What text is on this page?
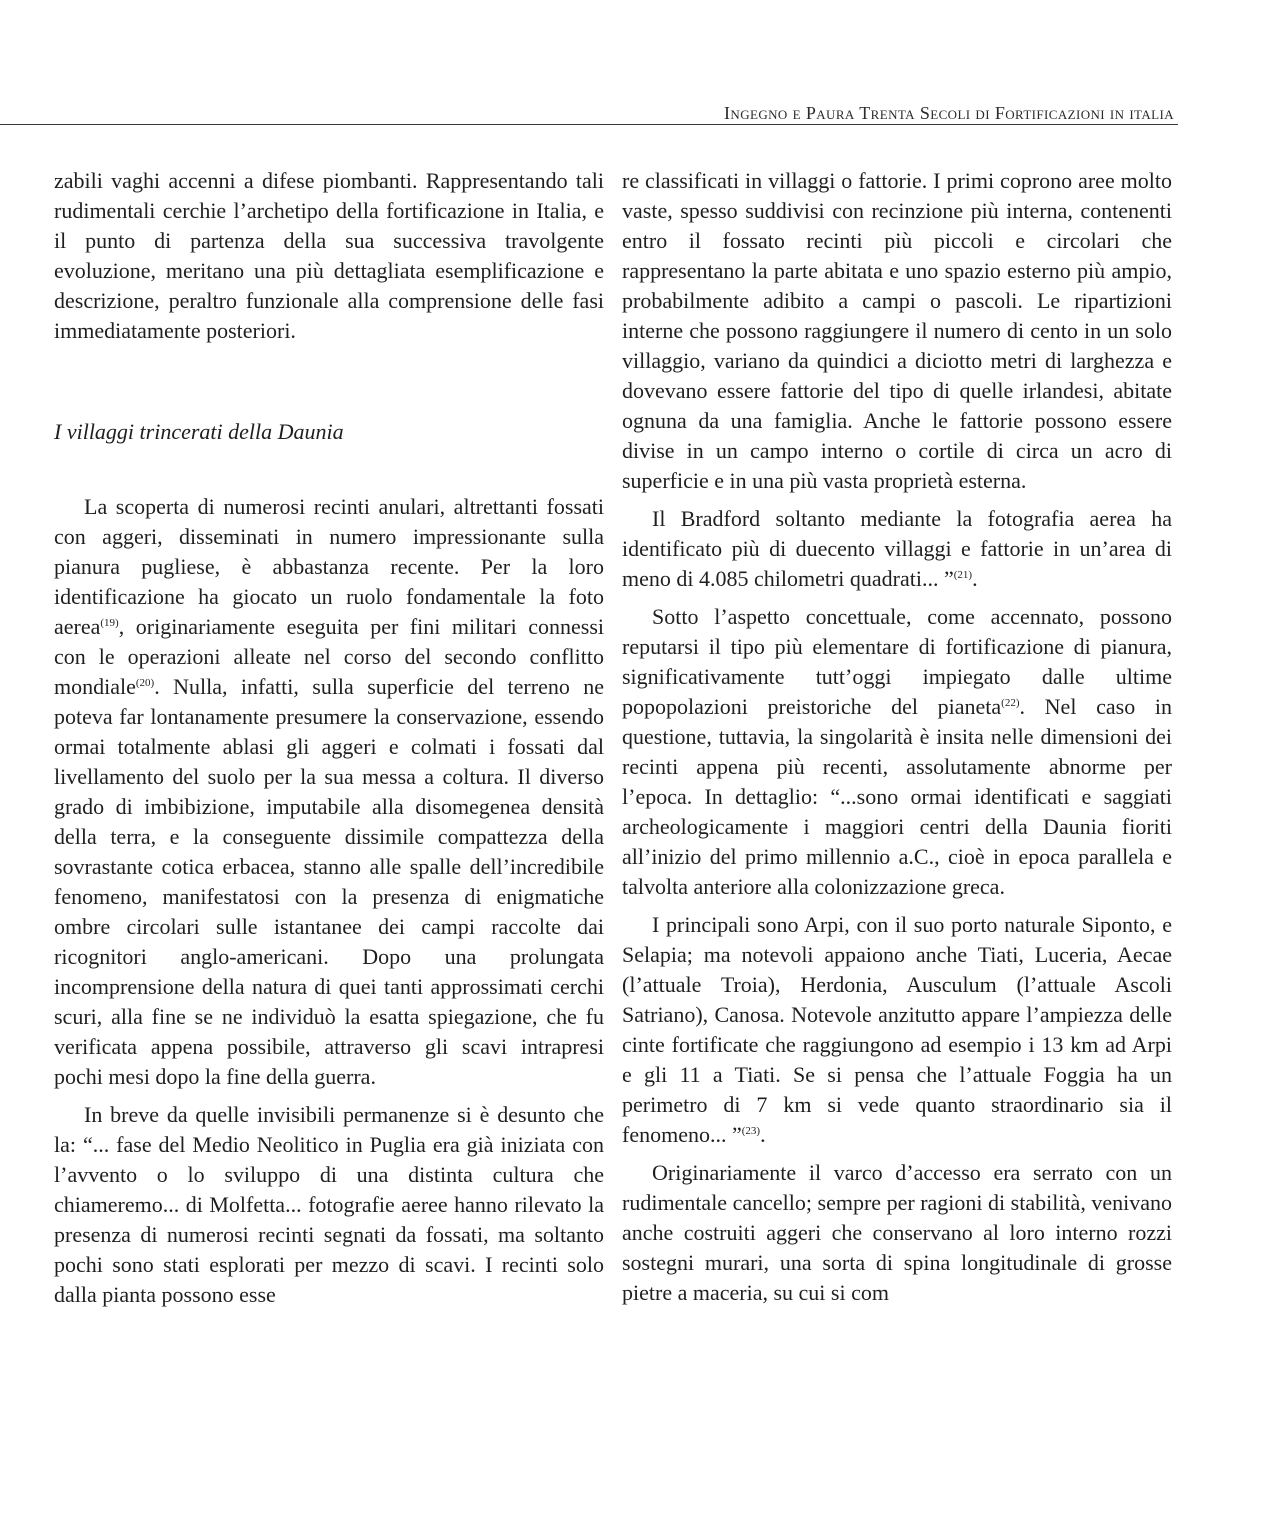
Ingegno e Paura Trenta Secoli di Fortificazioni in italia

zabili vaghi accenni a difese piombanti. Rappresentando tali rudimentali cerchie l’archetipo della fortificazione in Italia, e il punto di partenza della sua successiva travolgente evoluzione, meritano una più dettagliata esemplificazione e descrizione, peraltro funzionale alla comprensione delle fasi immediatamente posteriori.

I villaggi trincerati della Daunia

La scoperta di numerosi recinti anulari, altrettanti fossati con aggeri, disseminati in numero impressionante sulla pianura pugliese, è abbastanza recente. Per la loro identificazione ha giocato un ruolo fondamentale la foto aerea$^{(19)}$, originariamente eseguita per fini militari connessi con le operazioni alleate nel corso del secondo conflitto mondiale$^{(20)}$. Nulla, infatti, sulla superficie del terreno ne poteva far lontanamente presumere la conservazione, essendo ormai totalmente ablasi gli aggeri e colmati i fossati dal livellamento del suolo per la sua messa a coltura. Il diverso grado di imbibizione, imputabile alla disomegenea densità della terra, e la conseguente dissimile compattezza della sovrastante cotica erbacea, stanno alle spalle dell’incredibile fenomeno, manifestatosi con la presenza di enigmatiche ombre circolari sulle istantanee dei campi raccolte dai ricognitori anglo-americani. Dopo una prolungata incomprensione della natura di quei tanti approssimati cerchi scuri, alla fine se ne individuò la esatta spiegazione, che fu verificata appena possibile, attraverso gli scavi intrapresi pochi mesi dopo la fine della guerra.

In breve da quelle invisibili permanenze si è desunto che la: “... fase del Medio Neolitico in Puglia era già iniziata con l’avvento o lo sviluppo di una distinta cultura che chiameremo... di Molfetta... fotografie aeree hanno rilevato la presenza di numerosi recinti segnati da fossati, ma soltanto pochi sono stati esplorati per mezzo di scavi. I recinti solo dalla pianta possono esse

re classificati in villaggi o fattorie. I primi coprono aree molto vaste, spesso suddivisi con recinzione più interna, contenenti entro il fossato recinti più piccoli e circolari che rappresentano la parte abitata e uno spazio esterno più ampio, probabilmente adibito a campi o pascoli. Le ripartizioni interne che possono raggiungere il numero di cento in un solo villaggio, variano da quindici a diciotto metri di larghezza e dovevano essere fattorie del tipo di quelle irlandesi, abitate ognuna da una famiglia. Anche le fattorie possono essere divise in un campo interno o cortile di circa un acro di superficie e in una più vasta proprietà esterna.

Il Bradford soltanto mediante la fotografia aerea ha identificato più di duecento villaggi e fattorie in un’area di meno di 4.085 chilometri quadrati... ”$^{(21)}$.

Sotto l’aspetto concettuale, come accennato, possono reputarsi il tipo più elementare di fortificazione di pianura, significativamente tutt’oggi impiegato dalle ultime popopolazioni preistoriche del pianeta$^{(22)}$. Nel caso in questione, tuttavia, la singolarità è insita nelle dimensioni dei recinti appena più recenti, assolutamente abnorme per l’epoca. In dettaglio: “...sono ormai identificati e saggiati archeologicamente i maggiori centri della Daunia fioriti all’inizio del primo millennio a.C., cioè in epoca parallela e talvolta anteriore alla colonizzazione greca.

I principali sono Arpi, con il suo porto naturale Siponto, e Selapia; ma notevoli appaiono anche Tiati, Luceria, Aecae (l’attuale Troia), Herdonia, Ausculum (l’attuale Ascoli Satriano), Canosa. Notevole anzitutto appare l’ampiezza delle cinte fortificate che raggiungono ad esempio i 13 km ad Arpi e gli 11 a Tiati. Se si pensa che l’attuale Foggia ha un perimetro di 7 km si vede quanto straordinario sia il fenomeno... ”$^{(23)}$.

Originariamente il varco d’accesso era serrato con un rudimentale cancello; sempre per ragioni di stabilità, venivano anche costruiti aggeri che conservano al loro interno rozzi sostegni murari, una sorta di spina longitudinale di grosse pietre a maceria, su cui si com
